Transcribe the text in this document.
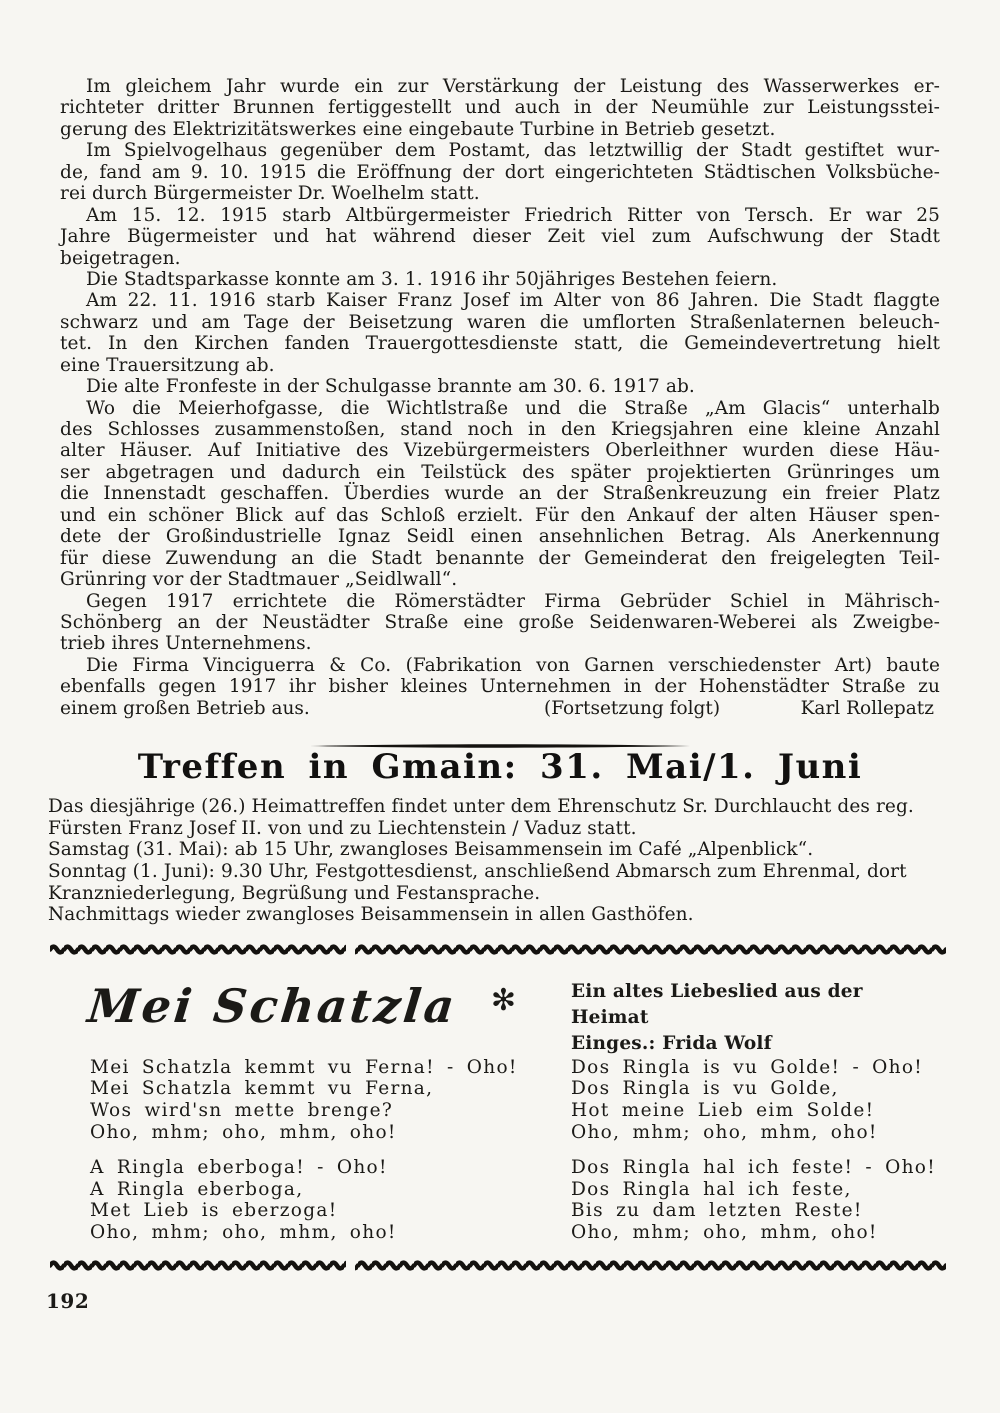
Im gleichem Jahr wurde ein zur Verstärkung der Leistung des Wasserwerkes er-
richteter dritter Brunnen fertiggestellt und auch in der Neumühle zur Leistungsstei-
gerung des Elektrizitätswerkes eine eingebaute Turbine in Betrieb gesetzt.
Im Spielvogelhaus gegenüber dem Postamt, das letztwillig der Stadt gestiftet wur-
de, fand am 9. 10. 1915 die Eröffnung der dort eingerichteten Städtischen Volksbüche-
rei durch Bürgermeister Dr. Woelhelm statt.
Am 15. 12. 1915 starb Altbürgermeister Friedrich Ritter von Tersch. Er war 25
Jahre Bügermeister und hat während dieser Zeit viel zum Aufschwung der Stadt
beigetragen.
Die Stadtsparkasse konnte am 3. 1. 1916 ihr 50jähriges Bestehen feiern.
Am 22. 11. 1916 starb Kaiser Franz Josef im Alter von 86 Jahren. Die Stadt flaggte
schwarz und am Tage der Beisetzung waren die umflorten Straßenlaternen beleuch-
tet. In den Kirchen fanden Trauergottesdienste statt, die Gemeindevertretung hielt
eine Trauersitzung ab.
Die alte Fronfeste in der Schulgasse brannte am 30. 6. 1917 ab.
Wo die Meierhofgasse, die Wichtlstraße und die Straße „Am Glacis“ unterhalb
des Schlosses zusammenstoßen, stand noch in den Kriegsjahren eine kleine Anzahl
alter Häuser. Auf Initiative des Vizebürgermeisters Oberleithner wurden diese Häu-
ser abgetragen und dadurch ein Teilstück des später projektierten Grünringes um
die Innenstadt geschaffen. Überdies wurde an der Straßenkreuzung ein freier Platz
und ein schöner Blick auf das Schloß erzielt. Für den Ankauf der alten Häuser spen-
dete der Großindustrielle Ignaz Seidl einen ansehnlichen Betrag. Als Anerkennung
für diese Zuwendung an die Stadt benannte der Gemeinderat den freigelegten Teil-
Grünring vor der Stadtmauer „Seidlwall“.
Gegen 1917 errichtete die Römerstädter Firma Gebrüder Schiel in Mährisch-
Schönberg an der Neustädter Straße eine große Seidenwaren-Weberei als Zweigbe-
trieb ihres Unternehmens.
Die Firma Vinciguerra & Co. (Fabrikation von Garnen verschiedenster Art) baute
ebenfalls gegen 1917 ihr bisher kleines Unternehmen in der Hohenstädter Straße zu
einem großen Betrieb aus.	(Fortsetzung folgt)	Karl Rollepatz
Treffen in Gmain: 31. Mai/1. Juni
Das diesjährige (26.) Heimattreffen findet unter dem Ehrenschutz Sr. Durchlaucht des reg.
Fürsten Franz Josef II. von und zu Liechtenstein / Vaduz statt.
Samstag (31. Mai): ab 15 Uhr, zwangloses Beisammensein im Café „Alpenblick“.
Sonntag (1. Juni): 9.30 Uhr, Festgottesdienst, anschließend Abmarsch zum Ehrenmal, dort
Kranzniederlegung, Begrüßung und Festansprache.
Nachmittags wieder zwangloses Beisammensein in allen Gasthöfen.
Mei Schatzla ✻	Ein altes Liebeslied aus der Heimat
Einges.: Frida Wolf
Mei Schatzla kemmt vu Ferna! - Oho!
Mei Schatzla kemmt vu Ferna,
Wos wird'sn mette brenge?
Oho, mhm; oho, mhm, oho!
A Ringla eberboga! - Oho!
A Ringla eberboga,
Met Lieb is eberzoga!
Oho, mhm; oho, mhm, oho!
Dos Ringla is vu Golde! - Oho!
Dos Ringla is vu Golde,
Hot meine Lieb eim Solde!
Oho, mhm; oho, mhm, oho!
Dos Ringla hal ich feste! - Oho!
Dos Ringla hal ich feste,
Bis zu dam letzten Reste!
Oho, mhm; oho, mhm, oho!
192
